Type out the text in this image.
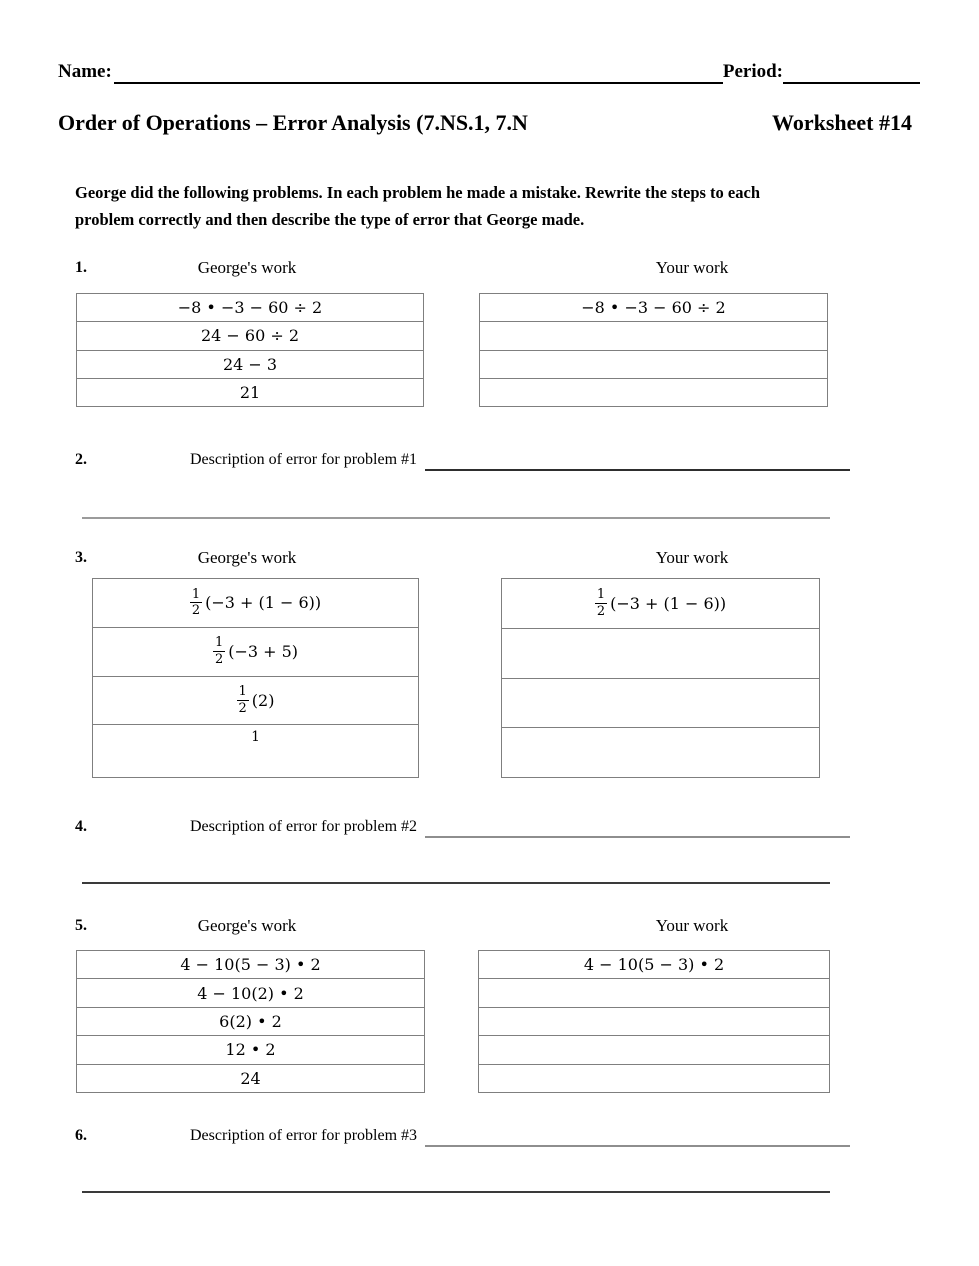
Name:	Period:
Order of Operations – Error Analysis (7.NS.1, 7.N	Worksheet #14
George did the following problems. In each problem he made a mistake. Rewrite the steps to each
problem correctly and then describe the type of error that George made.
1.	George's work	Your work
−8 • −3 − 60 ÷ 2
24 − 60 ÷ 2
24 − 3
21
−8 • −3 − 60 ÷ 2
2.	Description of error for problem #1
3.	George's work	Your work
$\frac{1}{2} (-3 + (1 - 6))$
$\frac{1}{2} (-3 + 5)$
$\frac{1}{2} (2)$
1
$\frac{1}{2} (-3 + (1 - 6))$
4.	Description of error for problem #2
5.	George's work	Your work
4 − 10(5 − 3) • 2
4 − 10(2) • 2
6(2) • 2
12 • 2
24
4 − 10(5 − 3) • 2
6.	Description of error for problem #3
